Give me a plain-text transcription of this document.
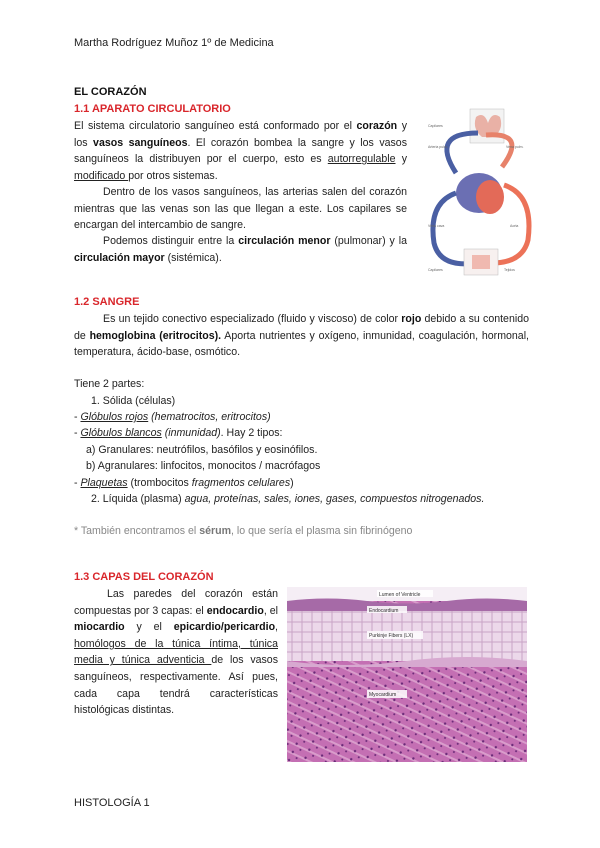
Martha Rodríguez Muñoz 1º de Medicina
EL CORAZÓN
1.1 APARATO CIRCULATORIO
El sistema circulatorio sanguíneo está conformado por el corazón y los vasos sanguíneos. El corazón bombea la sangre y los vasos sanguíneos la distribuyen por el cuerpo, esto es autorregulable y modificado por otros sistemas.
Dentro de los vasos sanguíneos, las arterias salen del corazón mientras que las venas son las que llegan a este. Los capilares se encargan del intercambio de sangre.
Podemos distinguir entre la circulación menor (pulmonar) y la circulación mayor (sistémica).
Capilares
Arteria pulm.	Vena pulm.
Vena cava	Aorta
Capilares	Tejidos
1.2 SANGRE
Es un tejido conectivo especializado (fluido y viscoso) de color rojo debido a su contenido de hemoglobina (eritrocitos). Aporta nutrientes y oxígeno, inmunidad, coagulación, hormonal, temperatura, ácido-base, osmótico.
Tiene 2 partes:
1. Sólida (células)
- Glóbulos rojos (hematrocitos, eritrocitos)
- Glóbulos blancos (inmunidad). Hay 2 tipos:
a) Granulares: neutrófilos, basófilos y eosinófilos.
b) Agranulares: linfocitos, monocitos / macrófagos
- Plaquetas (trombocitos fragmentos celulares)
2. Líquida (plasma) agua, proteínas, sales, iones, gases, compuestos nitrogenados.
* También encontramos el sérum, lo que sería el plasma sin fibrinógeno
1.3 CAPAS DEL CORAZÓN
Las paredes del corazón están compuestas por 3 capas: el endocardio, el miocardio y el epicardio/pericardio, homólogos de la túnica íntima, túnica media y túnica adventicia de los vasos sanguíneos, respectivamente. Así pues, cada capa tendrá características histológicas distintas.
Lumen of Ventricle
Endocardium
Purkinje Fibers (LX)
Myocardium
HISTOLOGÍA 1
